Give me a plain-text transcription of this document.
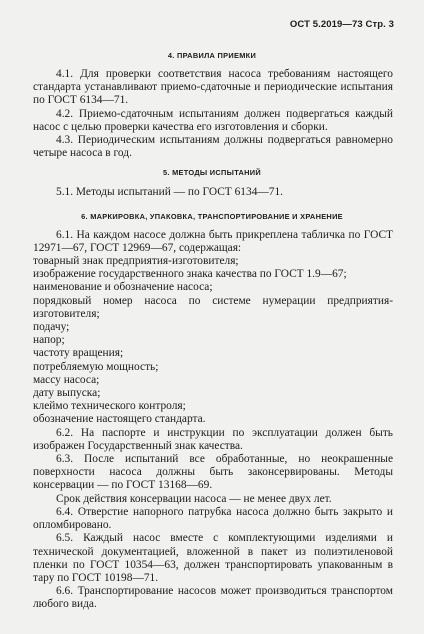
ОСТ 5.2019—73 Стр. 3
4. ПРАВИЛА ПРИЕМКИ

4.1. Для проверки соответствия насоса требованиям настоящего стандарта устанавливают приемо-сдаточные и периодические испытания по ГОСТ 6134—71.

4.2. Приемо-сдаточным испытаниям должен подвергаться каждый насос с целью проверки качества его изготовления и сборки.

4.3. Периодическим испытаниям должны подвергаться равномерно четыре насоса в год.

5. МЕТОДЫ ИСПЫТАНИЙ

5.1. Методы испытаний — по ГОСТ 6134—71.

6. МАРКИРОВКА, УПАКОВКА, ТРАНСПОРТИРОВАНИЕ И ХРАНЕНИЕ

6.1. На каждом насосе должна быть прикреплена табличка по ГОСТ 12971—67, ГОСТ 12969—67, содержащая:

товарный знак предприятия-изготовителя;

изображение государственного знака качества по ГОСТ 1.9—67;

наименование и обозначение насоса;

порядковый номер насоса по системе нумерации предприятия-изготовителя;

подачу;

напор;

частоту вращения;

потребляемую мощность;

массу насоса;

дату выпуска;

клеймо технического контроля;

обозначение настоящего стандарта.

6.2. На паспорте и инструкции по эксплуатации должен быть изображен Государственный знак качества.

6.3. После испытаний все обработанные, но неокрашенные поверхности насоса должны быть законсервированы. Методы консервации — по ГОСТ 13168—69.

Срок действия консервации насоса — не менее двух лет.

6.4. Отверстие напорного патрубка насоса должно быть закрыто и опломбировано.

6.5. Каждый насос вместе с комплектующими изделиями и технической документацией, вложенной в пакет из полиэтиленовой пленки по ГОСТ 10354—63, должен транспортировать упакованным в тару по ГОСТ 10198—71.

6.6. Транспортирование насосов может производиться транспортом любого вида.
